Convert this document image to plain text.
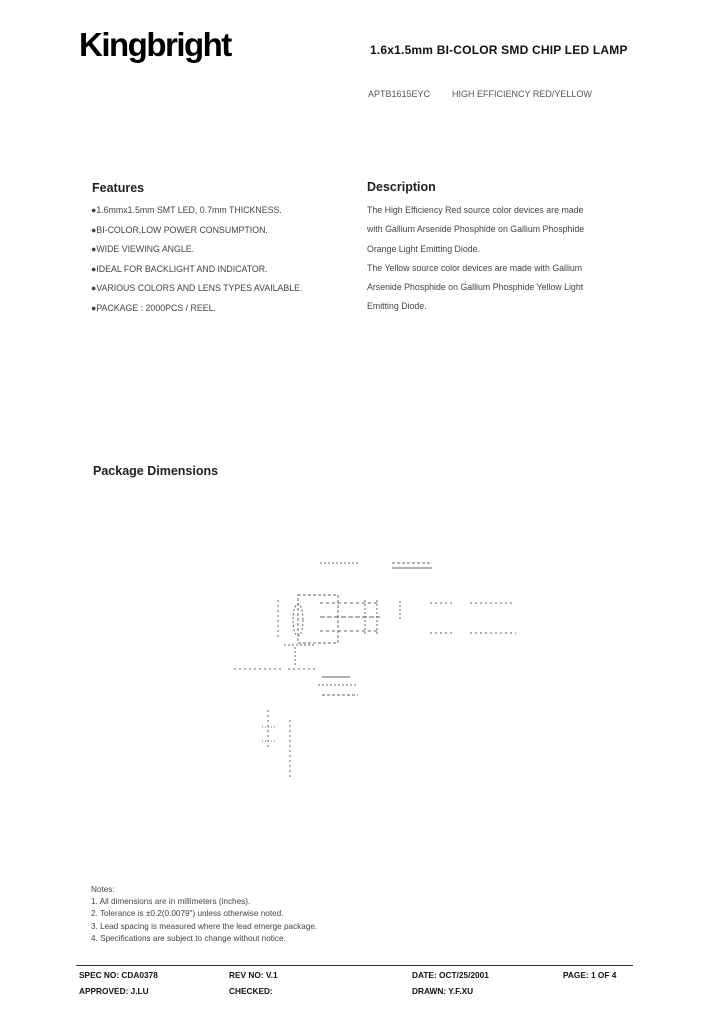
Kingbright	1.6x1.5mm BI-COLOR SMD CHIP LED LAMP
APTB1615EYC HIGH EFFICIENCY RED/YELLOW
Features
●1.6mmx1.5mm SMT LED, 0.7mm THICKNESS.
●BI-COLOR,LOW POWER CONSUMPTION.
●WIDE VIEWING ANGLE.
●IDEAL FOR BACKLIGHT AND INDICATOR.
●VARIOUS COLORS AND LENS TYPES AVAILABLE.
●PACKAGE : 2000PCS / REEL.
Description
The High Efficiency Red source color devices are made
with Gallium Arsenide Phosphide on Gallium Phosphide
Orange Light Emitting Diode.
The Yellow source color devices are made with Gallium
Arsenide Phosphide on Gallium Phosphide Yellow Light
Emitting Diode.
Package Dimensions
Notes:
1. All dimensions are in millimeters (inches).
2. Tolerance is ±0.2(0.0079") unless otherwise noted.
3. Lead spacing is measured where the lead emerge package.
4. Specifications are subject to change without notice.
SPEC NO: CDA0378	REV NO: V.1	DATE: OCT/25/2001	PAGE: 1 OF 4
APPROVED: J.LU	CHECKED:	DRAWN: Y.F.XU
